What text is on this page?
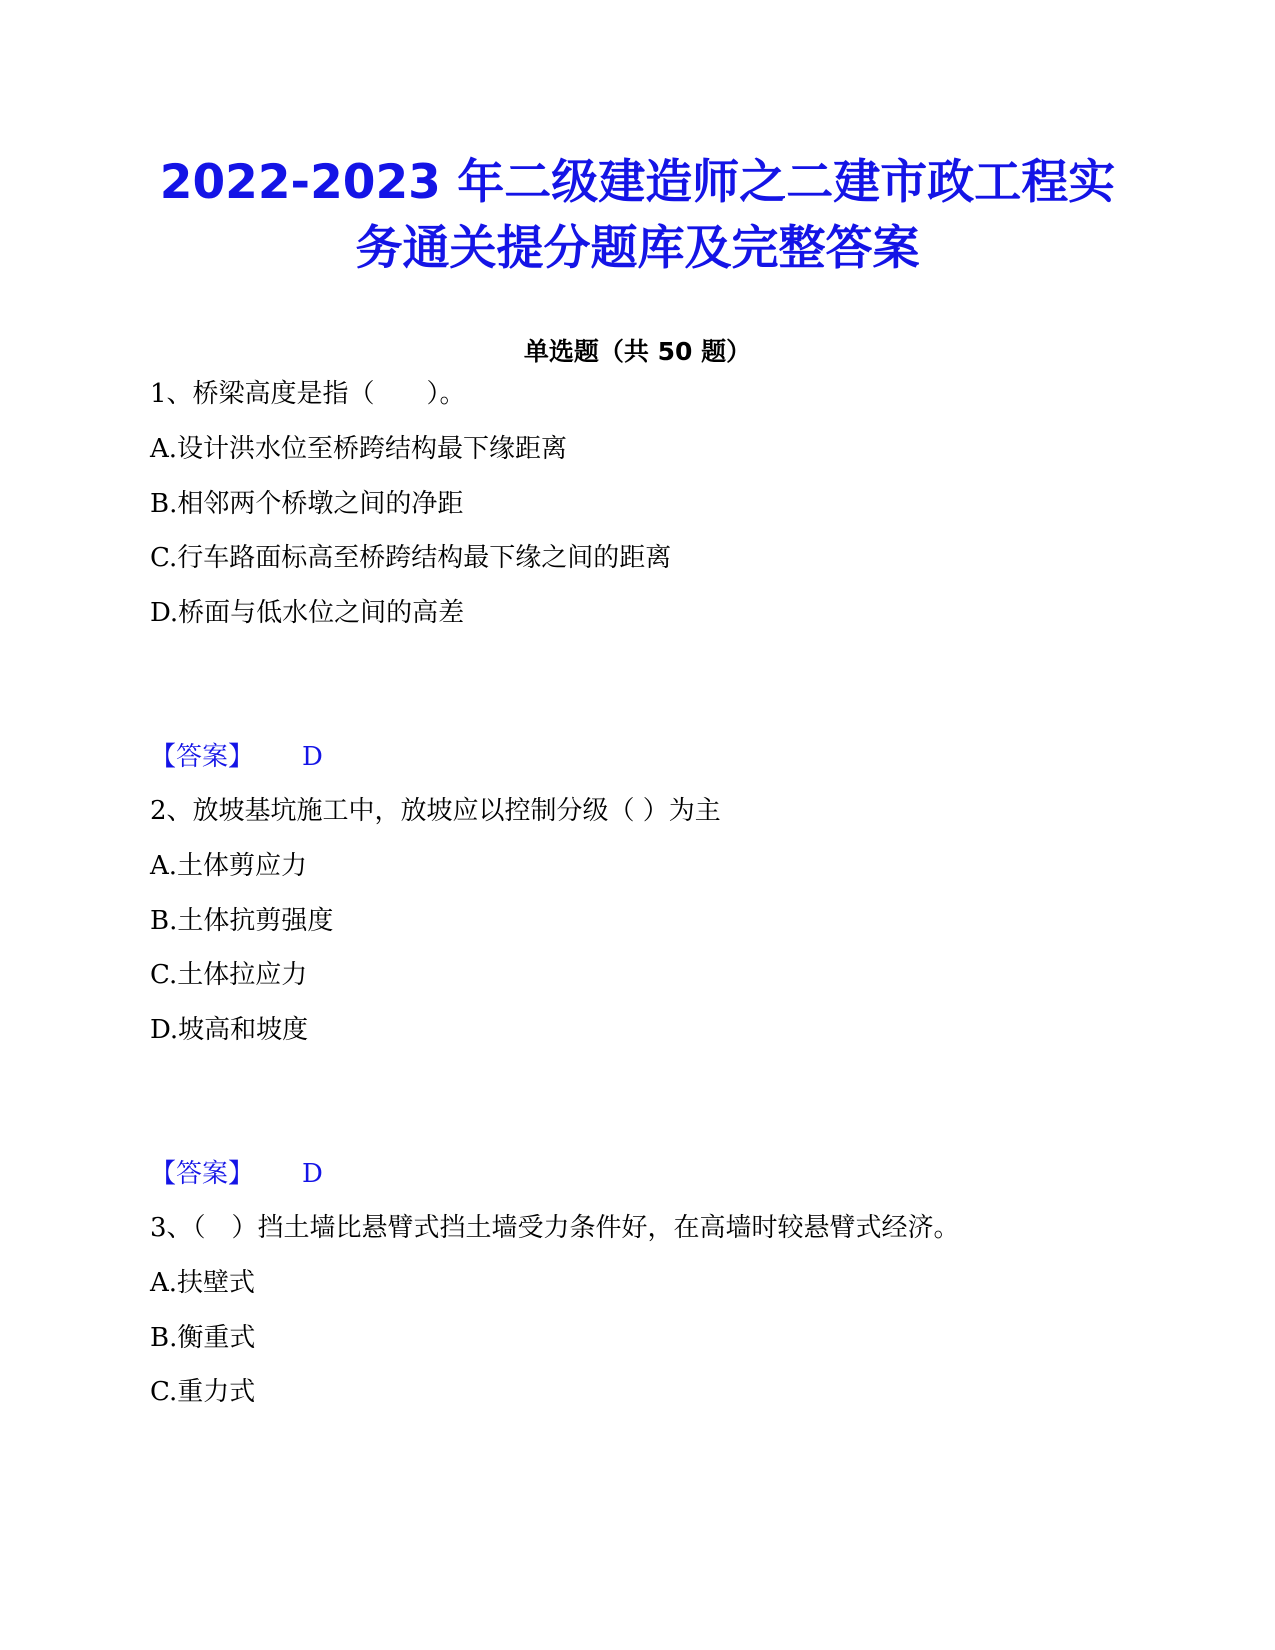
2022-2023 年二级建造师之二建市政工程实
务通关提分题库及完整答案
单选题（共 50 题）
1、桥梁高度是指（　　）。
A.设计洪水位至桥跨结构最下缘距离
B.相邻两个桥墩之间的净距
C.行车路面标高至桥跨结构最下缘之间的距离
D.桥面与低水位之间的高差
【答案】 D
2、放坡基坑施工中，放坡应以控制分级（ ）为主
A.土体剪应力
B.土体抗剪强度
C.土体拉应力
D.坡高和坡度
【答案】 D
3、（　）挡土墙比悬臂式挡土墙受力条件好，在高墙时较悬臂式经济。
A.扶壁式
B.衡重式
C.重力式
